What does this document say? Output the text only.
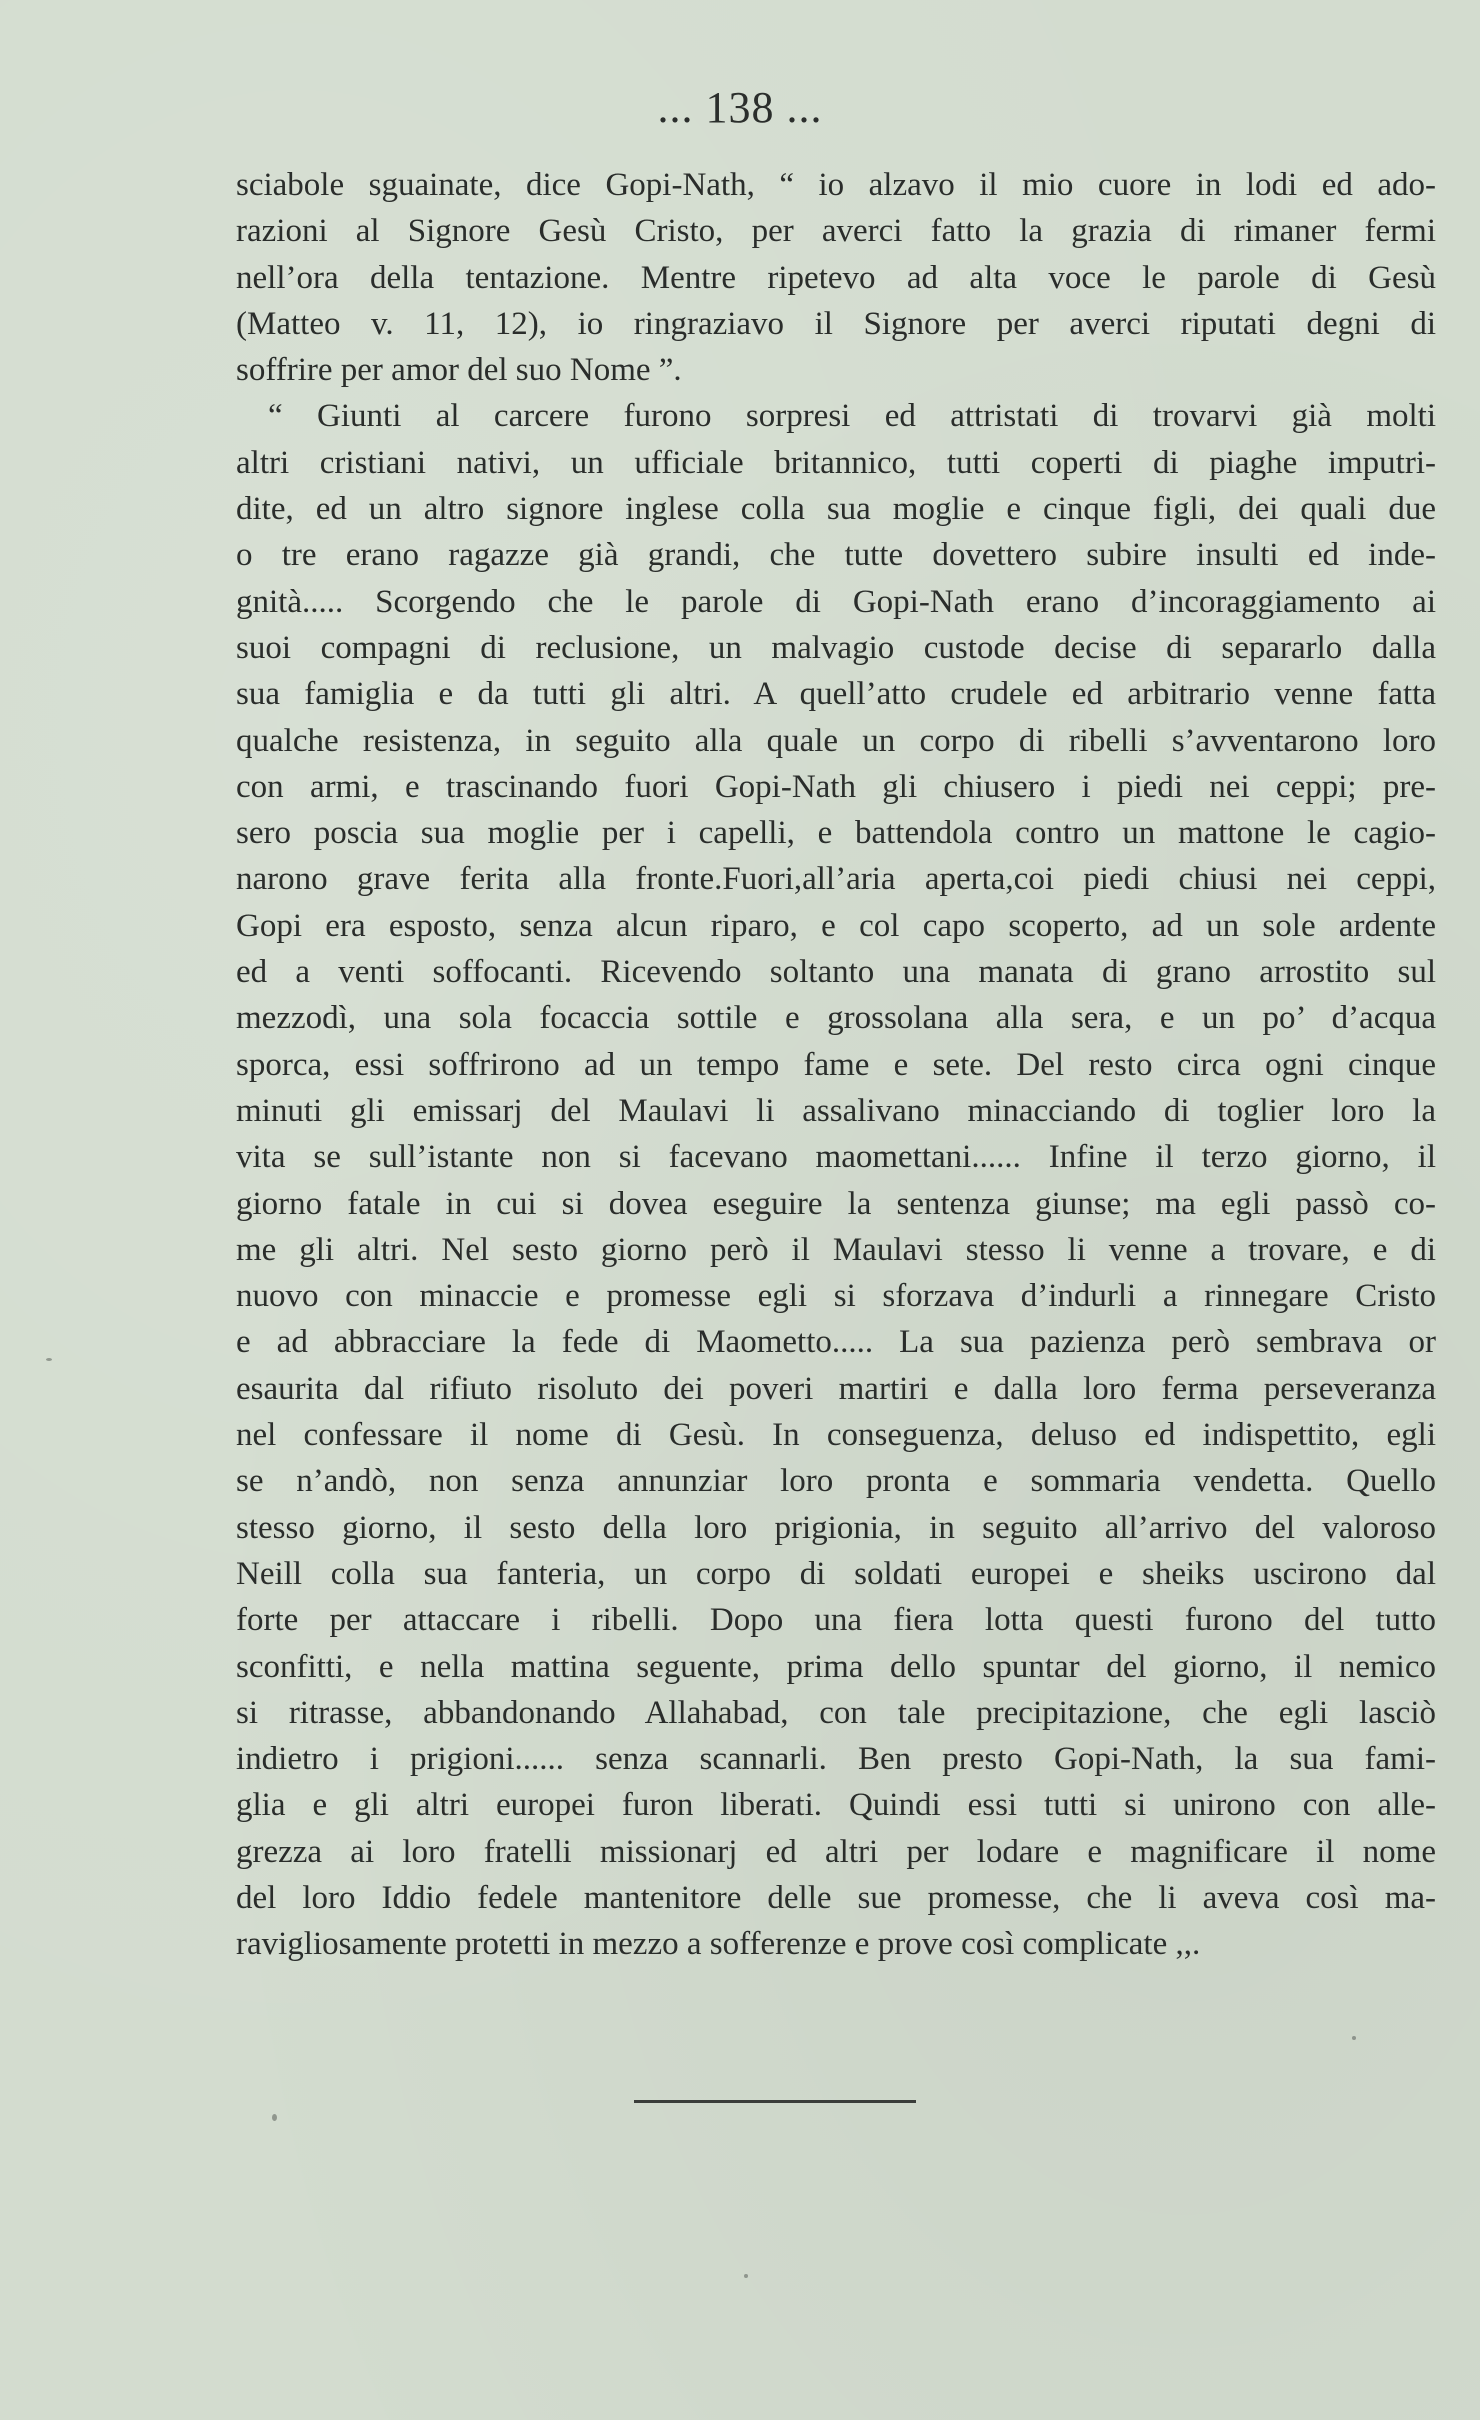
... 138 ...
sciabole sguainate, dice Gopi-Nath, “ io alzavo il mio cuore in lodi ed ado-
razioni al Signore Gesù Cristo, per averci fatto la grazia di rimaner fermi
nell’ora della tentazione. Mentre ripetevo ad alta voce le parole di Gesù
(Matteo v. 11, 12), io ringraziavo il Signore per averci riputati degni di
soffrire per amor del suo Nome ”.
“ Giunti al carcere furono sorpresi ed attristati di trovarvi già molti
altri cristiani nativi, un ufficiale britannico, tutti coperti di piaghe imputri-
dite, ed un altro signore inglese colla sua moglie e cinque figli, dei quali due
o tre erano ragazze già grandi, che tutte dovettero subire insulti ed inde-
gnità..... Scorgendo che le parole di Gopi-Nath erano d’incoraggiamento ai
suoi compagni di reclusione, un malvagio custode decise di separarlo dalla
sua famiglia e da tutti gli altri. A quell’atto crudele ed arbitrario venne fatta
qualche resistenza, in seguito alla quale un corpo di ribelli s’avventarono loro
con armi, e trascinando fuori Gopi-Nath gli chiusero i piedi nei ceppi; pre-
sero poscia sua moglie per i capelli, e battendola contro un mattone le cagio-
narono grave ferita alla fronte.Fuori,all’aria aperta,coi piedi chiusi nei ceppi,
Gopi era esposto, senza alcun riparo, e col capo scoperto, ad un sole ardente
ed a venti soffocanti. Ricevendo soltanto una manata di grano arrostito sul
mezzodì, una sola focaccia sottile e grossolana alla sera, e un po’ d’acqua
sporca, essi soffrirono ad un tempo fame e sete. Del resto circa ogni cinque
minuti gli emissarj del Maulavi li assalivano minacciando di toglier loro la
vita se sull’istante non si facevano maomettani...... Infine il terzo giorno, il
giorno fatale in cui si dovea eseguire la sentenza giunse; ma egli passò co-
me gli altri. Nel sesto giorno però il Maulavi stesso li venne a trovare, e di
nuovo con minaccie e promesse egli si sforzava d’indurli a rinnegare Cristo
e ad abbracciare la fede di Maometto..... La sua pazienza però sembrava or
esaurita dal rifiuto risoluto dei poveri martiri e dalla loro ferma perseveranza
nel confessare il nome di Gesù. In conseguenza, deluso ed indispettito, egli
se n’andò, non senza annunziar loro pronta e sommaria vendetta. Quello
stesso giorno, il sesto della loro prigionia, in seguito all’arrivo del valoroso
Neill colla sua fanteria, un corpo di soldati europei e sheiks uscirono dal
forte per attaccare i ribelli. Dopo una fiera lotta questi furono del tutto
sconfitti, e nella mattina seguente, prima dello spuntar del giorno, il nemico
si ritrasse, abbandonando Allahabad, con tale precipitazione, che egli lasciò
indietro i prigioni...... senza scannarli. Ben presto Gopi-Nath, la sua fami-
glia e gli altri europei furon liberati. Quindi essi tutti si unirono con alle-
grezza ai loro fratelli missionarj ed altri per lodare e magnificare il nome
del loro Iddio fedele mantenitore delle sue promesse, che li aveva così ma-
ravigliosamente protetti in mezzo a sofferenze e prove così complicate ,,.
